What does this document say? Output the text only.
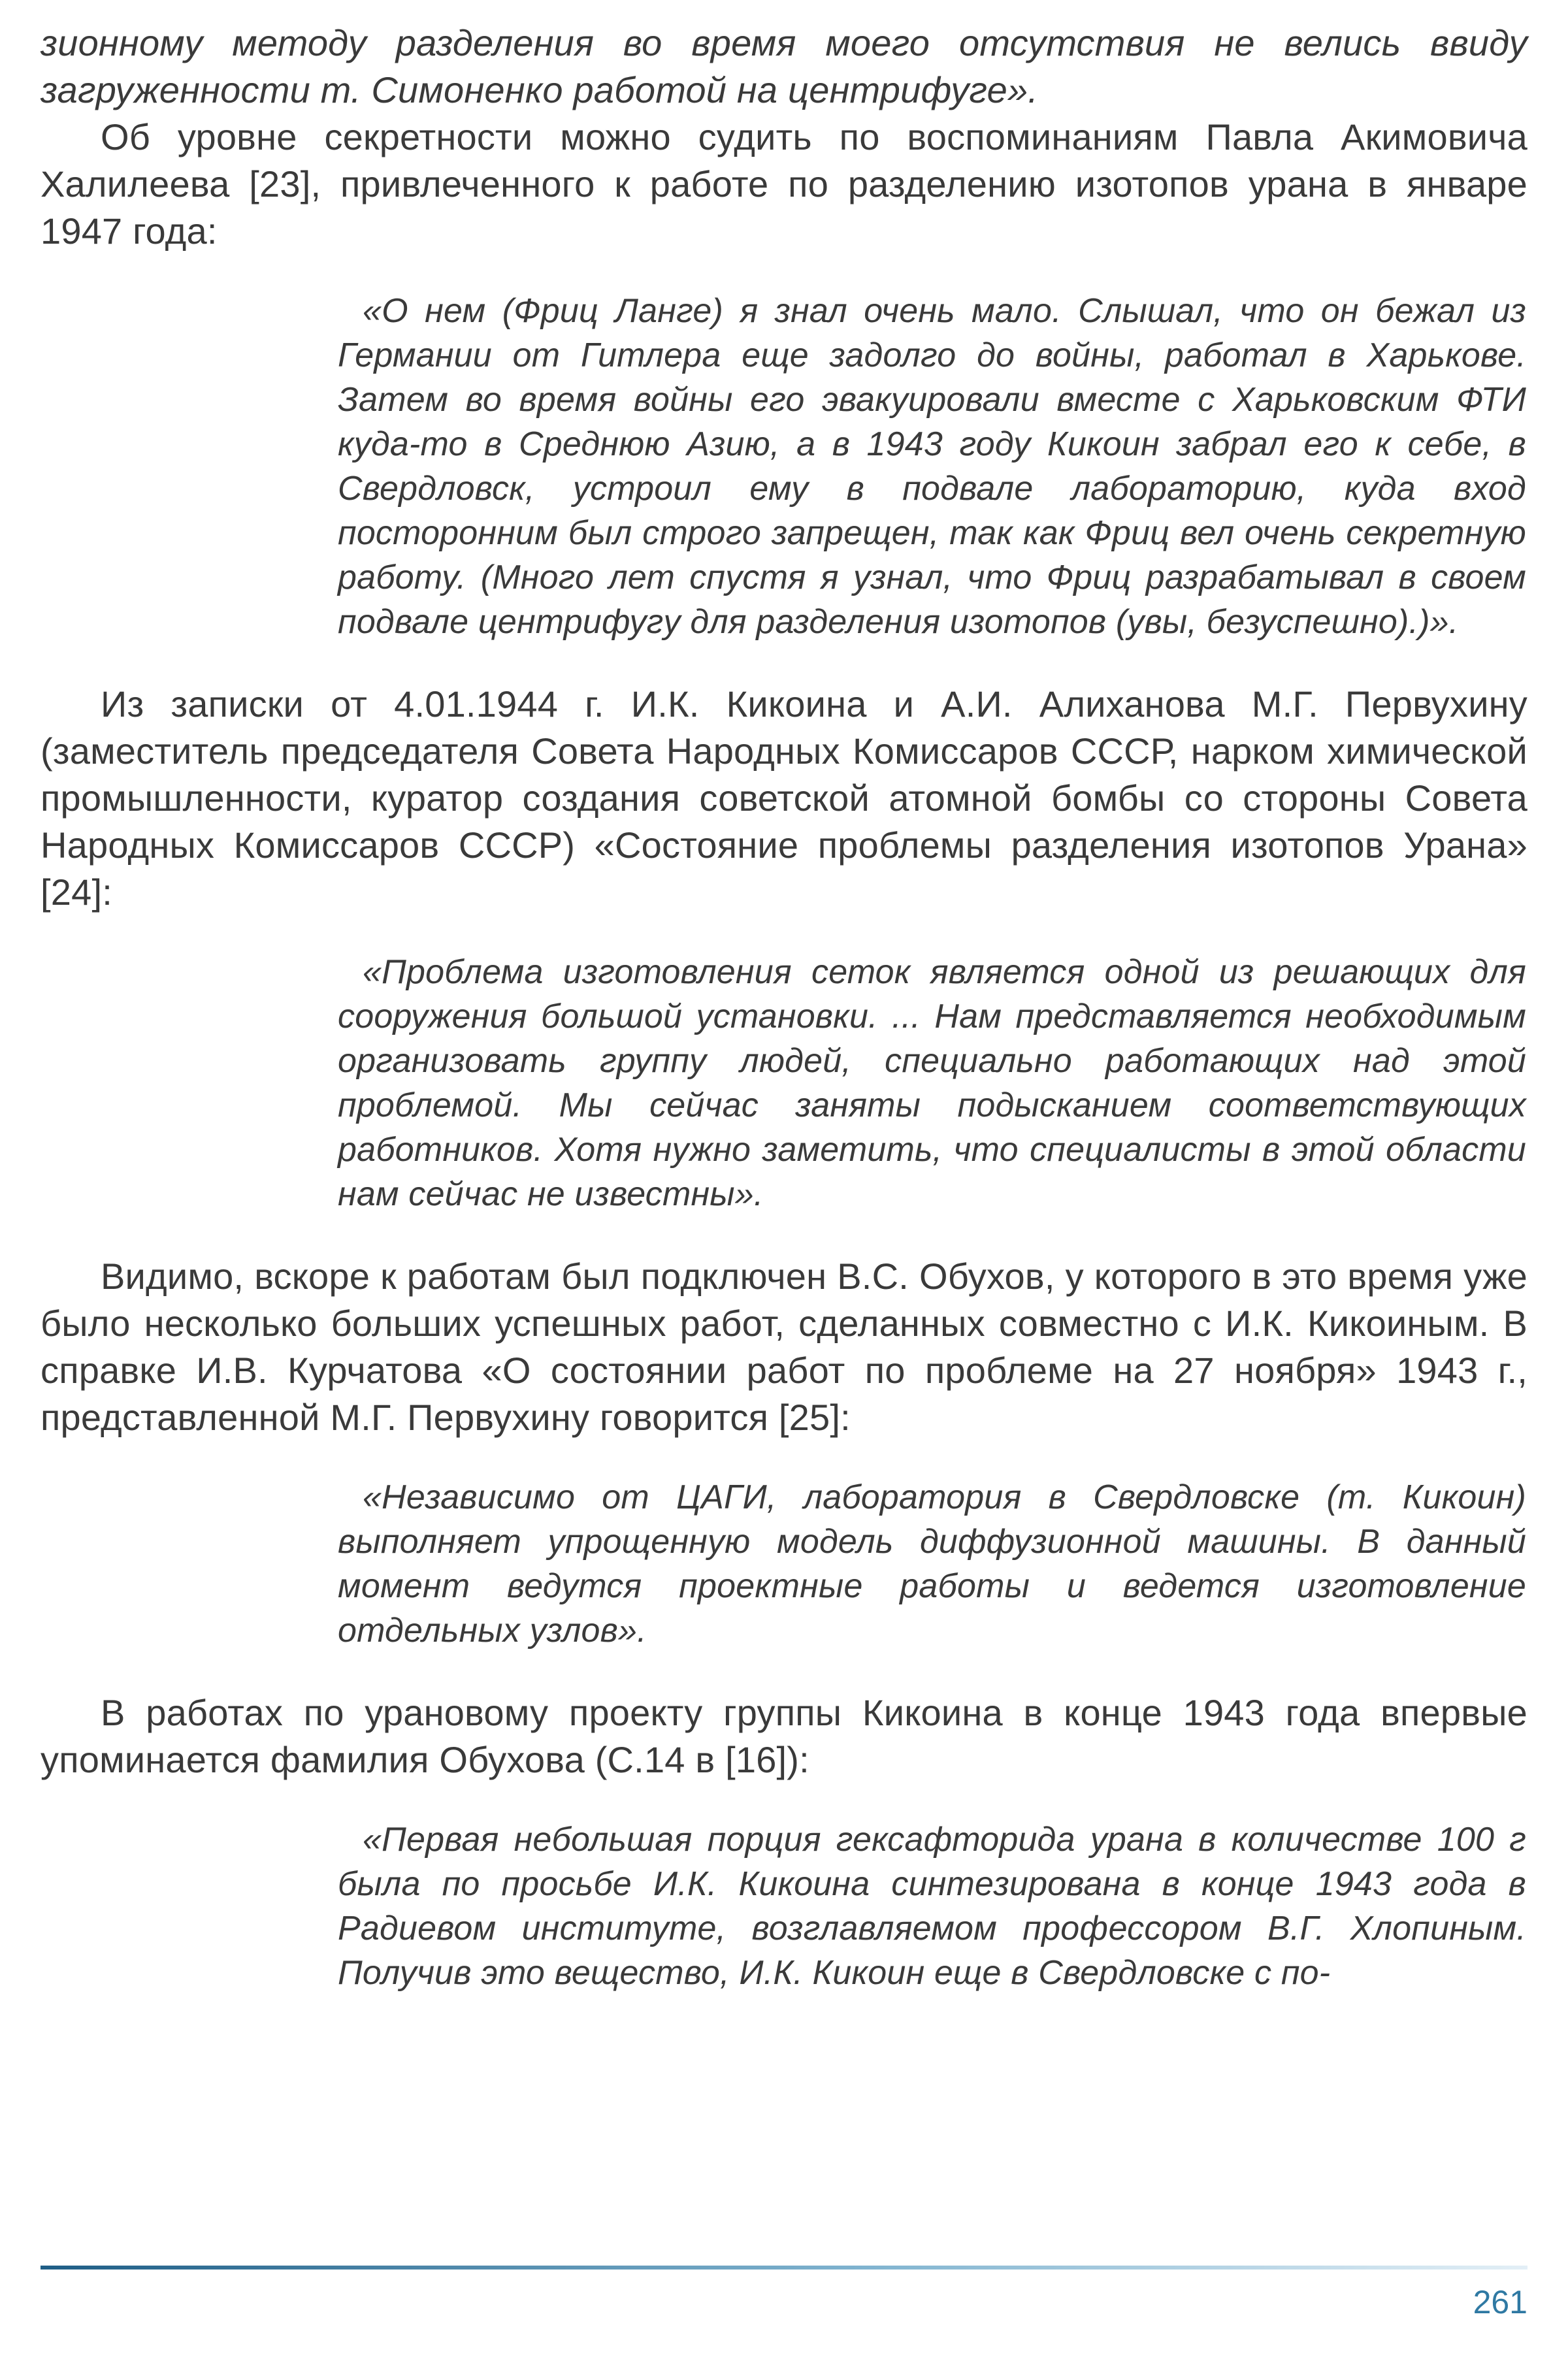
зионному методу разделения во время моего отсутствия не велись ввиду загруженности т. Симоненко работой на центрифуге».

Об уровне секретности можно судить по воспоминаниям Павла Акимовича Халилеева [23], привлеченного к работе по разделению изотопов урана в январе 1947 года:

«О нем (Фриц Ланге) я знал очень мало. Слышал, что он бежал из Германии от Гитлера еще задолго до войны, работал в Харькове. Затем во время войны его эвакуировали вместе с Харьковским ФТИ куда-то в Среднюю Азию, а в 1943 году Кикоин забрал его к себе, в Свердловск, устроил ему в подвале лабораторию, куда вход посторонним был строго запрещен, так как Фриц вел очень секретную работу. (Много лет спустя я узнал, что Фриц разрабатывал в своем подвале центрифугу для разделения изотопов (увы, безуспешно).)».

Из записки от 4.01.1944 г. И.К. Кикоина и А.И. Алиханова М.Г. Первухину (заместитель председателя Совета Народных Комиссаров СССР, нарком химической промышленности, куратор создания советской атомной бомбы со стороны Совета Народных Комиссаров СССР) «Состояние проблемы разделения изотопов Урана» [24]:

«Проблема изготовления сеток является одной из решающих для сооружения большой установки. ... Нам представляется необходимым организовать группу людей, специально работающих над этой проблемой. Мы сейчас заняты подысканием соответствующих работников. Хотя нужно заметить, что специалисты в этой области нам сейчас не известны».

Видимо, вскоре к работам был подключен В.С. Обухов, у которого в это время уже было несколько больших успешных работ, сделанных совместно с И.К. Кикоиным. В справке И.В. Курчатова «О состоянии работ по проблеме на 27 ноября» 1943 г., представленной М.Г. Первухину говорится [25]:

«Независимо от ЦАГИ, лаборатория в Свердловске (т. Кикоин) выполняет упрощенную модель диффузионной машины. В данный момент ведутся проектные работы и ведется изготовление отдельных узлов».

В работах по урановому проекту группы Кикоина в конце 1943 года впервые упоминается фамилия Обухова (С.14 в [16]):

«Первая небольшая порция гексафторида урана в количестве 100 г была по просьбе И.К. Кикоина синтезирована в конце 1943 года в Радиевом институте, возглавляемом профессором В.Г. Хлопиным. Получив это вещество, И.К. Кикоин еще в Свердловске с по-
261
